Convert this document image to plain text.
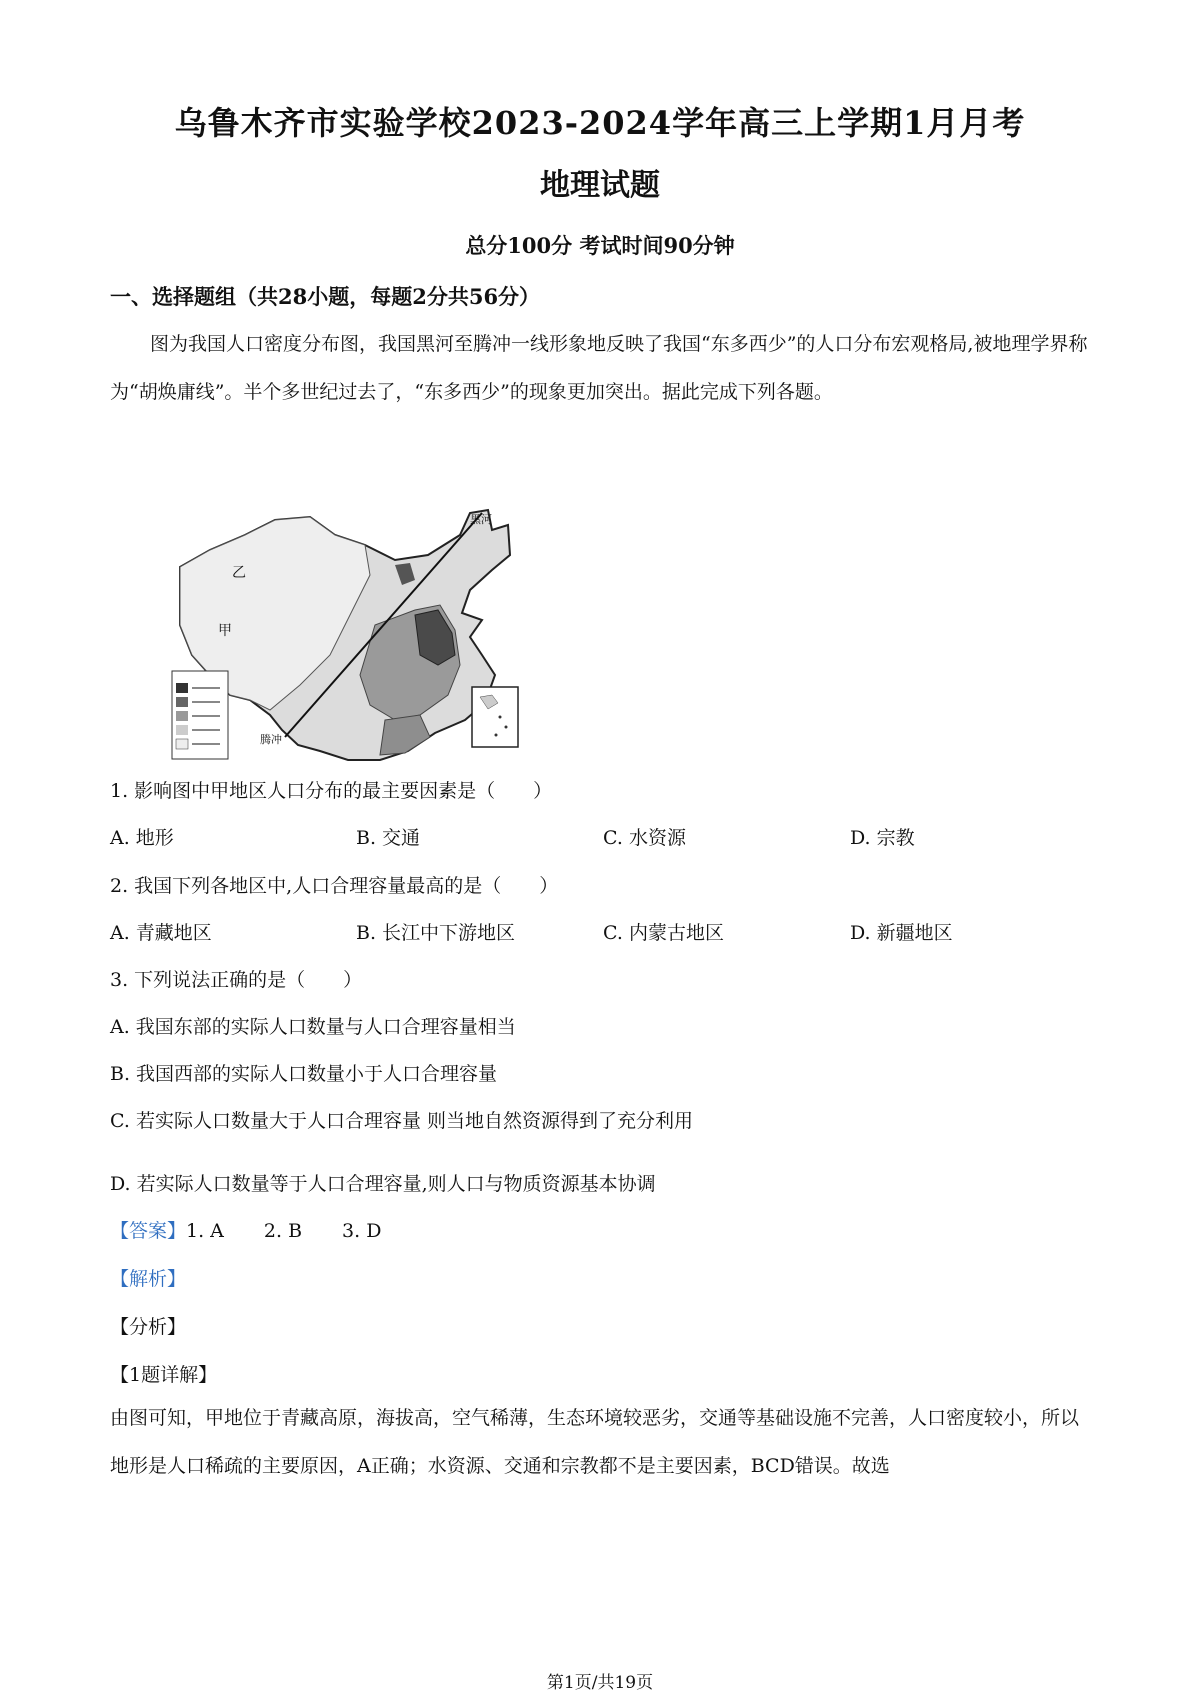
乌鲁木齐市实验学校2023-2024学年高三上学期1月月考
地理试题
总分100分 考试时间90分钟
一、选择题组（共28小题，每题2分共56分）
图为我国人口密度分布图，我国黑河至腾冲一线形象地反映了我国“东多西少”的人口分布宏观格局,被地理学界称为“胡焕庸线”。半个多世纪过去了，“东多西少”的现象更加突出。据此完成下列各题。
黑河
腾冲
乙
甲
1. 影响图中甲地区人口分布的最主要因素是（　　）
A. 地形	B. 交通	C. 水资源	D. 宗教
2. 我国下列各地区中,人口合理容量最高的是（　　）
A. 青藏地区	B. 长江中下游地区	C. 内蒙古地区	D. 新疆地区
3. 下列说法正确的是（　　）
A. 我国东部的实际人口数量与人口合理容量相当
B. 我国西部的实际人口数量小于人口合理容量
C. 若实际人口数量大于人口合理容量 则当地自然资源得到了充分利用
D. 若实际人口数量等于人口合理容量,则人口与物质资源基本协调
【答案】1. A 2. B 3. D
【解析】
【分析】
【1题详解】
由图可知，甲地位于青藏高原，海拔高，空气稀薄，生态环境较恶劣，交通等基础设施不完善，人口密度较小，所以地形是人口稀疏的主要原因，A正确；水资源、交通和宗教都不是主要因素，BCD错误。故选
第1页/共19页
